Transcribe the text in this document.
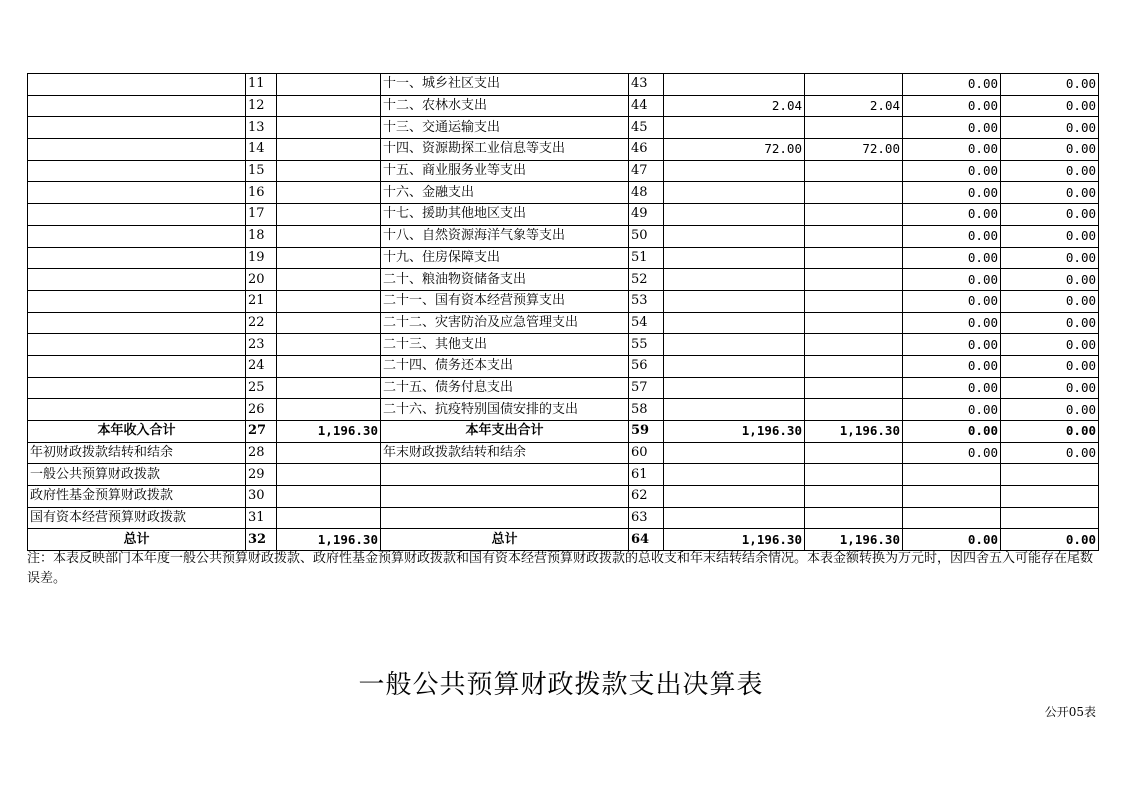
	11		十一、城乡社区支出	43			0.00	0.00
	12		十二、农林水支出	44	2.04	2.04	0.00	0.00
	13		十三、交通运输支出	45			0.00	0.00
	14		十四、资源勘探工业信息等支出	46	72.00	72.00	0.00	0.00
	15		十五、商业服务业等支出	47			0.00	0.00
	16		十六、金融支出	48			0.00	0.00
	17		十七、援助其他地区支出	49			0.00	0.00
	18		十八、自然资源海洋气象等支出	50			0.00	0.00
	19		十九、住房保障支出	51			0.00	0.00
	20		二十、粮油物资储备支出	52			0.00	0.00
	21		二十一、国有资本经营预算支出	53			0.00	0.00
	22		二十二、灾害防治及应急管理支出	54			0.00	0.00
	23		二十三、其他支出	55			0.00	0.00
	24		二十四、债务还本支出	56			0.00	0.00
	25		二十五、债务付息支出	57			0.00	0.00
	26		二十六、抗疫特别国债安排的支出	58			0.00	0.00
本年收入合计	27	1,196.30	本年支出合计	59	1,196.30	1,196.30	0.00	0.00
年初财政拨款结转和结余	28		年末财政拨款结转和结余	60			0.00	0.00
一般公共预算财政拨款	29			61				
政府性基金预算财政拨款	30			62				
国有资本经营预算财政拨款	31			63				
总计	32	1,196.30	总计	64	1,196.30	1,196.30	0.00	0.00
注：本表反映部门本年度一般公共预算财政拨款、政府性基金预算财政拨款和国有资本经营预算财政拨款的总收支和年末结转结余情况。本表金额转换为万元时，因四舍五入可能存在尾数误差。
一般公共预算财政拨款支出决算表
公开05表
